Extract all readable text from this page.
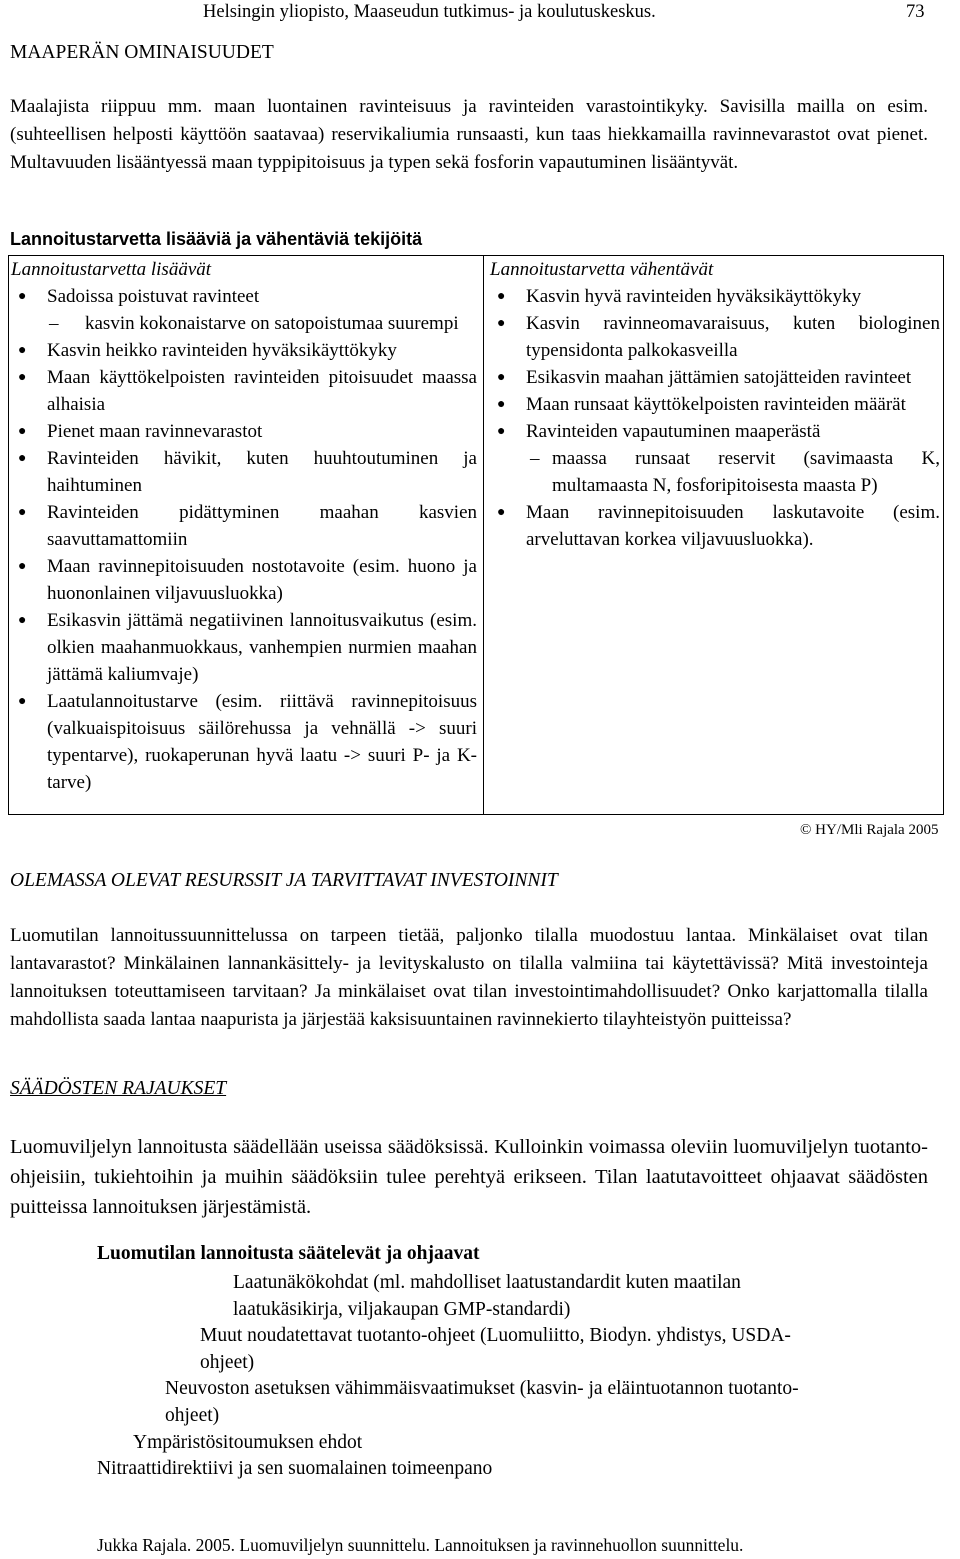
Helsingin yliopisto, Maaseudun tutkimus- ja koulutuskeskus.	73
MAAPERÄN OMINAISUUDET
Maalajista riippuu mm. maan luontainen ravinteisuus ja ravinteiden varastointikyky. Savisilla mailla on esim. (suhteellisen helposti käyttöön saatavaa) reservikaliumia runsaasti, kun taas hiekkamailla ravinnevarastot ovat pienet. Multavuuden lisääntyessä maan typpipitoisuus ja typen sekä fosforin vapautuminen lisääntyvät.
Lannoitustarvetta lisääviä ja vähentäviä tekijöitä
Lannoitustarvetta lisäävät
● Sadoissa poistuvat ravinteet
– kasvin kokonaistarve on satopoistumaa suurempi
● Kasvin heikko ravinteiden hyväksikäyttökyky
● Maan käyttökelpoisten ravinteiden pitoisuudet maassa alhaisia
● Pienet maan ravinnevarastot
● Ravinteiden hävikit, kuten huuhtoutuminen ja haihtuminen
● Ravinteiden pidättyminen maahan kasvien saavuttamattomiin
● Maan ravinnepitoisuuden nostotavoite (esim. huono ja huononlainen viljavuusluokka)
● Esikasvin jättämä negatiivinen lannoitusvaikutus (esim. olkien maahanmuokkaus, vanhempien nurmien maahan jättämä kaliumvaje)
● Laatulannoitustarve (esim. riittävä ravinnepitoisuus (valkuaispitoisuus säilörehussa ja vehnällä -> suuri typentarve), ruokaperunan hyvä laatu -> suuri P- ja K-tarve)
Lannoitustarvetta vähentävät
● Kasvin hyvä ravinteiden hyväksikäyttökyky
● Kasvin ravinneomavaraisuus, kuten biologinen typensidonta palkokasveilla
● Esikasvin maahan jättämien satojätteiden ravinteet
● Maan runsaat käyttökelpoisten ravinteiden määrät
● Ravinteiden vapautuminen maaperästä
– maassa runsaat reservit (savimaasta K, multamaasta N, fosforipitoisesta maasta P)
● Maan ravinnepitoisuuden laskutavoite (esim. arveluttavan korkea viljavuusluokka).
© HY/Mli Rajala 2005
OLEMASSA OLEVAT RESURSSIT JA TARVITTAVAT INVESTOINNIT
Luomutilan lannoitussuunnittelussa on tarpeen tietää, paljonko tilalla muodostuu lantaa. Minkälaiset ovat tilan lantavarastot? Minkälainen lannankäsittely- ja levityskalusto on tilalla valmiina tai käytettävissä? Mitä investointeja lannoituksen toteuttamiseen tarvitaan? Ja minkälaiset ovat tilan investointimahdollisuudet? Onko karjattomalla tilalla mahdollista saada lantaa naapurista ja järjestää kaksisuuntainen ravinnekierto tilayhteistyön puitteissa?
SÄÄDÖSTEN RAJAUKSET
Luomuviljelyn lannoitusta säädellään useissa säädöksissä. Kulloinkin voimassa oleviin luomuviljelyn tuotanto-ohjeisiin, tukiehtoihin ja muihin säädöksiin tulee perehtyä erikseen. Tilan laatutavoitteet ohjaavat säädösten puitteissa lannoituksen järjestämistä.
Luomutilan lannoitusta säätelevät ja ohjaavat
Laatunäkökohdat (ml. mahdolliset laatustandardit kuten maatilan laatukäsikirja, viljakaupan GMP-standardi)
Muut noudatettavat tuotanto-ohjeet (Luomuliitto, Biodyn. yhdistys, USDA-ohjeet)
Neuvoston asetuksen vähimmäisvaatimukset (kasvin- ja eläintuotannon tuotanto-ohjeet)
Ympäristösitoumuksen ehdot
Nitraattidirektiivi ja sen suomalainen toimeenpano
Jukka Rajala. 2005. Luomuviljelyn suunnittelu. Lannoituksen ja ravinnehuollon suunnittelu.
